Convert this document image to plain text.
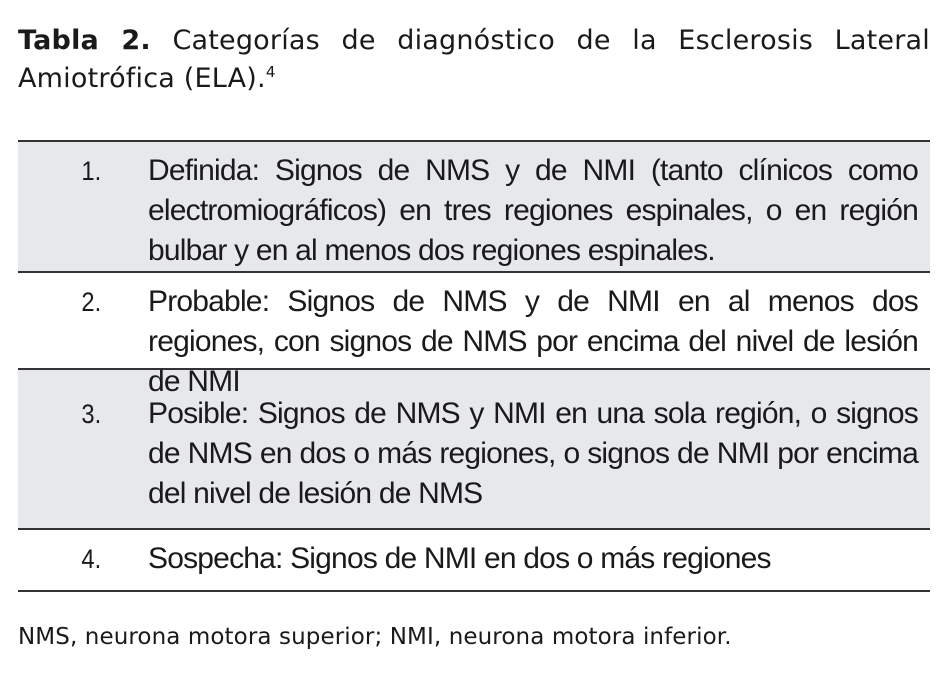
Tabla 2. Categorías de diagnóstico de la Esclerosis Lateral Amiotrófica (ELA).$^4$
1.	Definida: Signos de NMS y de NMI (tanto clínicos como electromiográficos) en tres regiones espinales, o en región bulbar y en al menos dos regiones espinales.
2.	Probable: Signos de NMS y de NMI en al menos dos regiones, con signos de NMS por encima del nivel de lesión de NMI
3.	Posible: Signos de NMS y NMI en una sola región, o signos de NMS en dos o más regiones, o signos de NMI por encima del nivel de lesión de NMS
4.	Sospecha: Signos de NMI en dos o más regiones
NMS, neurona motora superior; NMI, neurona motora inferior.
